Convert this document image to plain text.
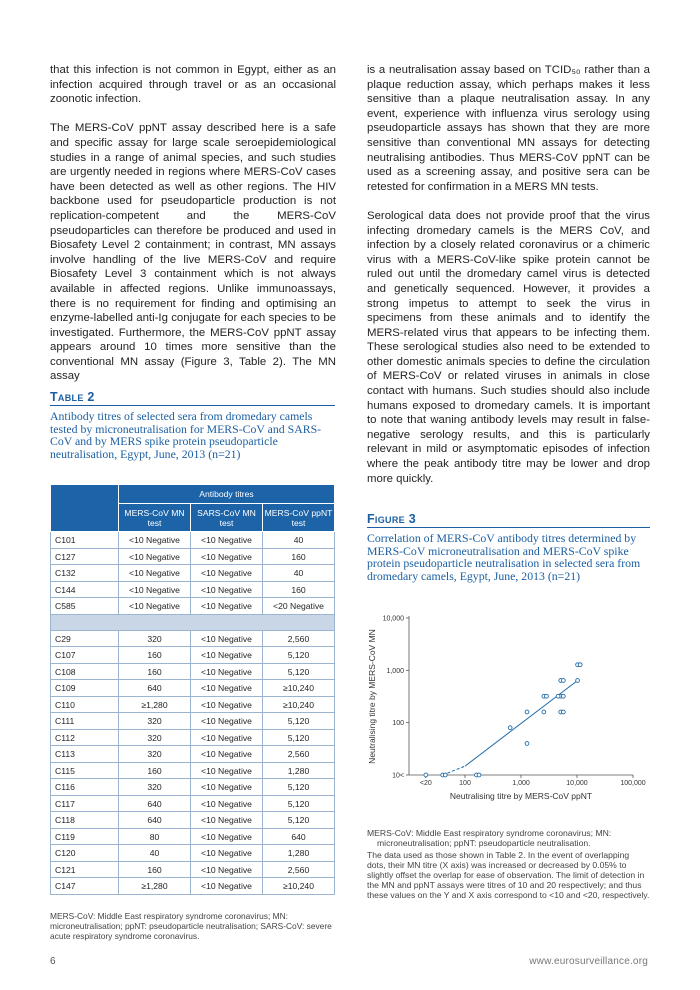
that this infection is not common in Egypt, either as an infection acquired through travel or as an occasional zoonotic infection.

The MERS-CoV ppNT assay described here is a safe and specific assay for large scale seroepidemiological studies in a range of animal species, and such studies are urgently needed in regions where MERS-CoV cases have been detected as well as other regions. The HIV backbone used for pseudoparticle production is not replication-competent and the MERS-CoV pseudoparticles can therefore be produced and used in Biosafety Level 2 containment; in contrast, MN assays involve handling of the live MERS-CoV and require Biosafety Level 3 containment which is not always available in affected regions. Unlike immunoassays, there is no requirement for finding and optimising an enzyme-labelled anti-Ig conjugate for each species to be investigated. Furthermore, the MERS-CoV ppNT assay appears around 10 times more sensitive than the conventional MN assay (Figure 3, Table 2). The MN assay

is a neutralisation assay based on TCID₅₀ rather than a plaque reduction assay, which perhaps makes it less sensitive than a plaque neutralisation assay. In any event, experience with influenza virus serology using pseudoparticle assays has shown that they are more sensitive than conventional MN assays for detecting neutralising antibodies. Thus MERS-CoV ppNT can be used as a screening assay, and positive sera can be retested for confirmation in a MERS MN tests.

Serological data does not provide proof that the virus infecting dromedary camels is the MERS CoV, and infection by a closely related coronavirus or a chimeric virus with a MERS-CoV-like spike protein cannot be ruled out until the dromedary camel virus is detected and genetically sequenced. However, it provides a strong impetus to attempt to seek the virus in specimens from these animals and to identify the MERS-related virus that appears to be infecting them. These serological studies also need to be extended to other domestic animals species to define the circulation of MERS-CoV or related viruses in animals in close contact with humans. Such studies should also include humans exposed to dromedary camels. It is important to note that waning antibody levels may result in false-negative serology results, and this is particularly relevant in mild or asymptomatic episodes of infection where the peak antibody titre may be lower and drop more quickly.

Table 2
Antibody titres of selected sera from dromedary camels tested by microneutralisation for MERS-CoV and SARS-CoV and by MERS spike protein pseudoparticle neutralisation, Egypt, June, 2013 (n=21)
	Antibody titres		
	MERS-CoV MN test	SARS-CoV MN test	MERS-CoV ppNT test
C101	<10 Negative	<10 Negative	40
C127	<10 Negative	<10 Negative	160
C132	<10 Negative	<10 Negative	40
C144	<10 Negative	<10 Negative	160
C585	<10 Negative	<10 Negative	<20 Negative

C29	320	<10 Negative	2,560
C107	160	<10 Negative	5,120
C108	160	<10 Negative	5,120
C109	640	<10 Negative	≥10,240
C110	≥1,280	<10 Negative	≥10,240
C111	320	<10 Negative	5,120
C112	320	<10 Negative	5,120
C113	320	<10 Negative	2,560
C115	160	<10 Negative	1,280
C116	320	<10 Negative	5,120
C117	640	<10 Negative	5,120
C118	640	<10 Negative	5,120
C119	80	<10 Negative	640
C120	40	<10 Negative	1,280
C121	160	<10 Negative	2,560
C147	≥1,280	<10 Negative	≥10,240

MERS-CoV: Middle East respiratory syndrome coronavirus; MN: microneutralisation; ppNT: pseudoparticle neutralisation; SARS-CoV: severe acute respiratory syndrome coronavirus.

Figure 3
Correlation of MERS-CoV antibody titres determined by MERS-CoV microneutralisation and MERS-CoV spike protein pseudoparticle neutralisation in selected sera from dromedary camels, Egypt, June, 2013 (n=21)
10<
100
1,000
10,000
<20	100	1,000	10,000	100,000
Neutralising titre by MERS-CoV ppNT
Neutralising titre by MERS-CoV MN

MERS-CoV: Middle East respiratory syndrome coronavirus; MN: microneutralisation; ppNT: pseudoparticle neutralisation.

The data used as those shown in Table 2. In the event of overlapping dots, their MN titre (X axis) was increased or decreased by 0.05% to slightly offset the overlap for ease of observation. The limit of detection in the MN and ppNT assays were titres of 10 and 20 respectively; and thus these values on the Y and X axis correspond to <10 and <20, respectively.

6	www.eurosurveillance.org
